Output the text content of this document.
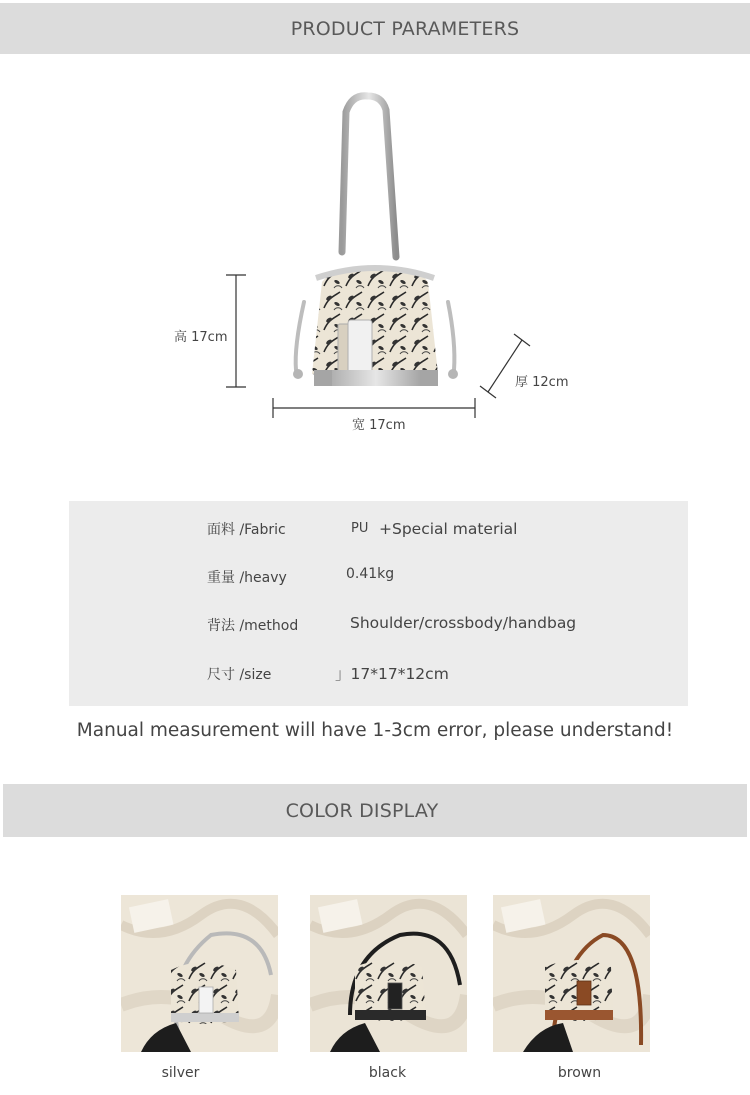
PRODUCT PARAMETERS
高 17cm
宽 17cm
厚 12cm
面料 /Fabric	PU +Special material
重量 /heavy	0.41kg
背法 /method	Shoulder/crossbody/handbag
尺寸 /size	」17*17*12cm
Manual measurement will have 1-3cm error, please understand!
COLOR DISPLAY
silver	black	brown
